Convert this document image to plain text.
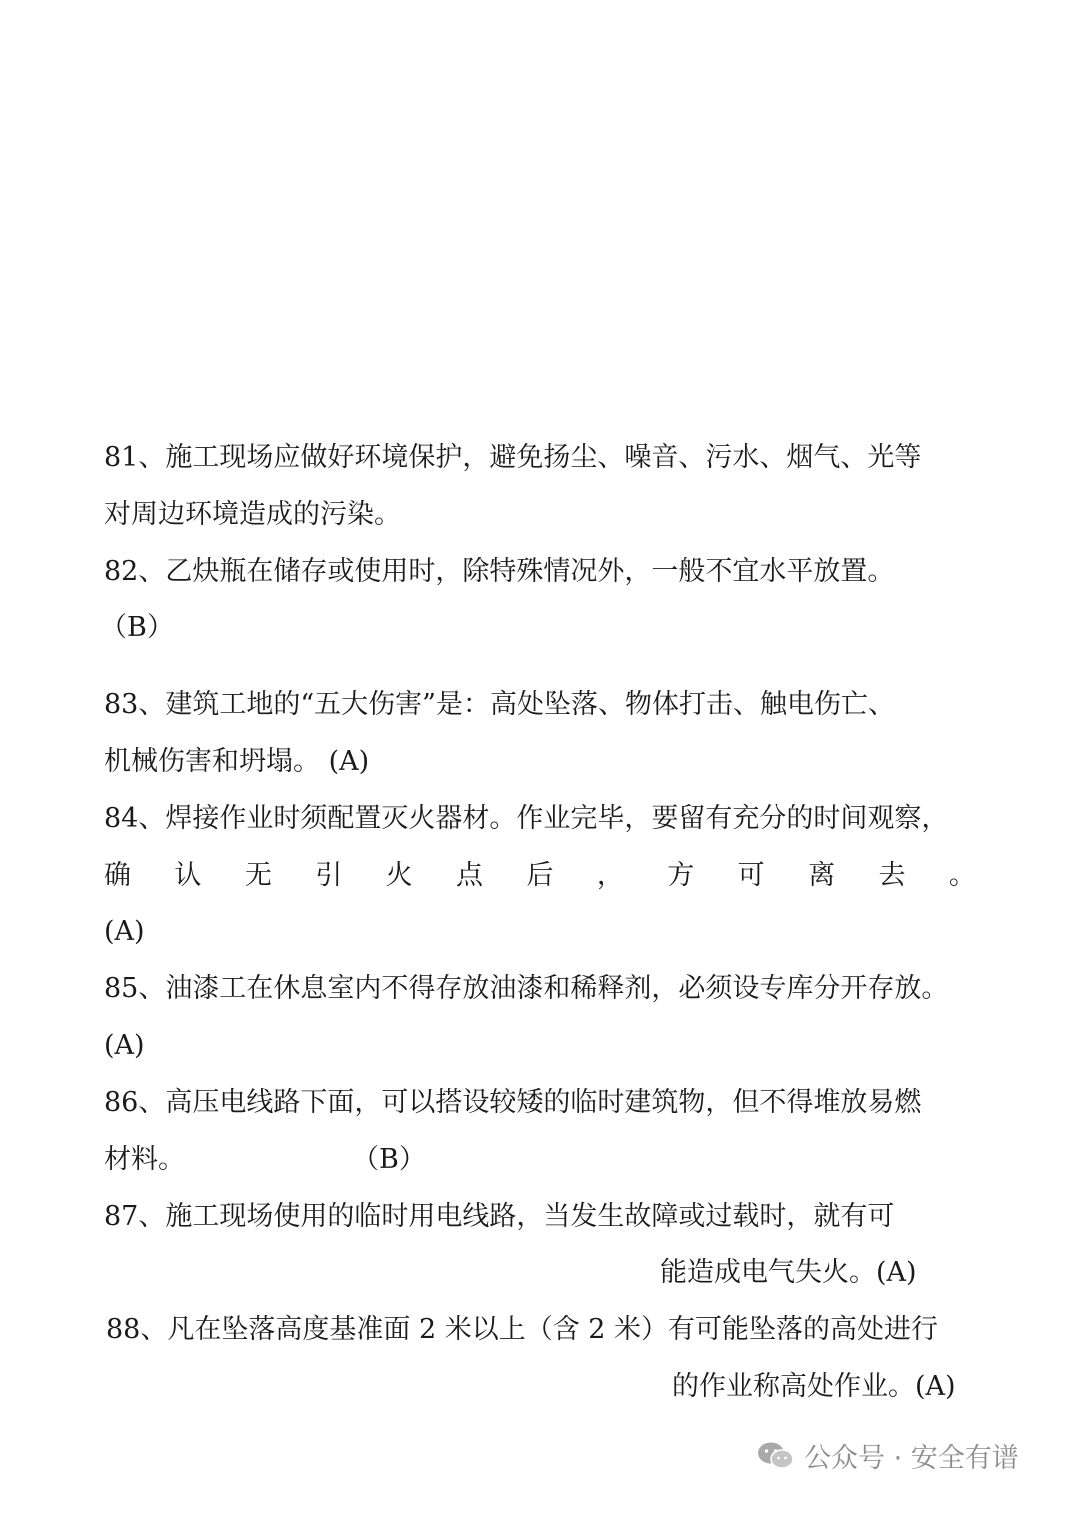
81、施工现场应做好环境保护，避免扬尘、噪音、污水、烟气、光等
对周边环境造成的污染。
82、乙炔瓶在储存或使用时，除特殊情况外，一般不宜水平放置。
（B）
83、建筑工地的“五大伤害”是：高处坠落、物体打击、触电伤亡、
机械伤害和坍塌。 (A)
84、焊接作业时须配置灭火器材。作业完毕，要留有充分的时间观察，
确 认 无 引 火 点 后 ， 方 可 离 去 。
(A)
85、油漆工在休息室内不得存放油漆和稀释剂，必须设专库分开存放。
(A)
86、高压电线路下面，可以搭设较矮的临时建筑物，但不得堆放易燃
材料。	（B）
87、施工现场使用的临时用电线路，当发生故障或过载时，就有可
能造成电气失火。(A)
88、凡在坠落高度基准面 2 米以上（含 2 米）有可能坠落的高处进行
的作业称高处作业。(A)
公众号 · 安全有谱
